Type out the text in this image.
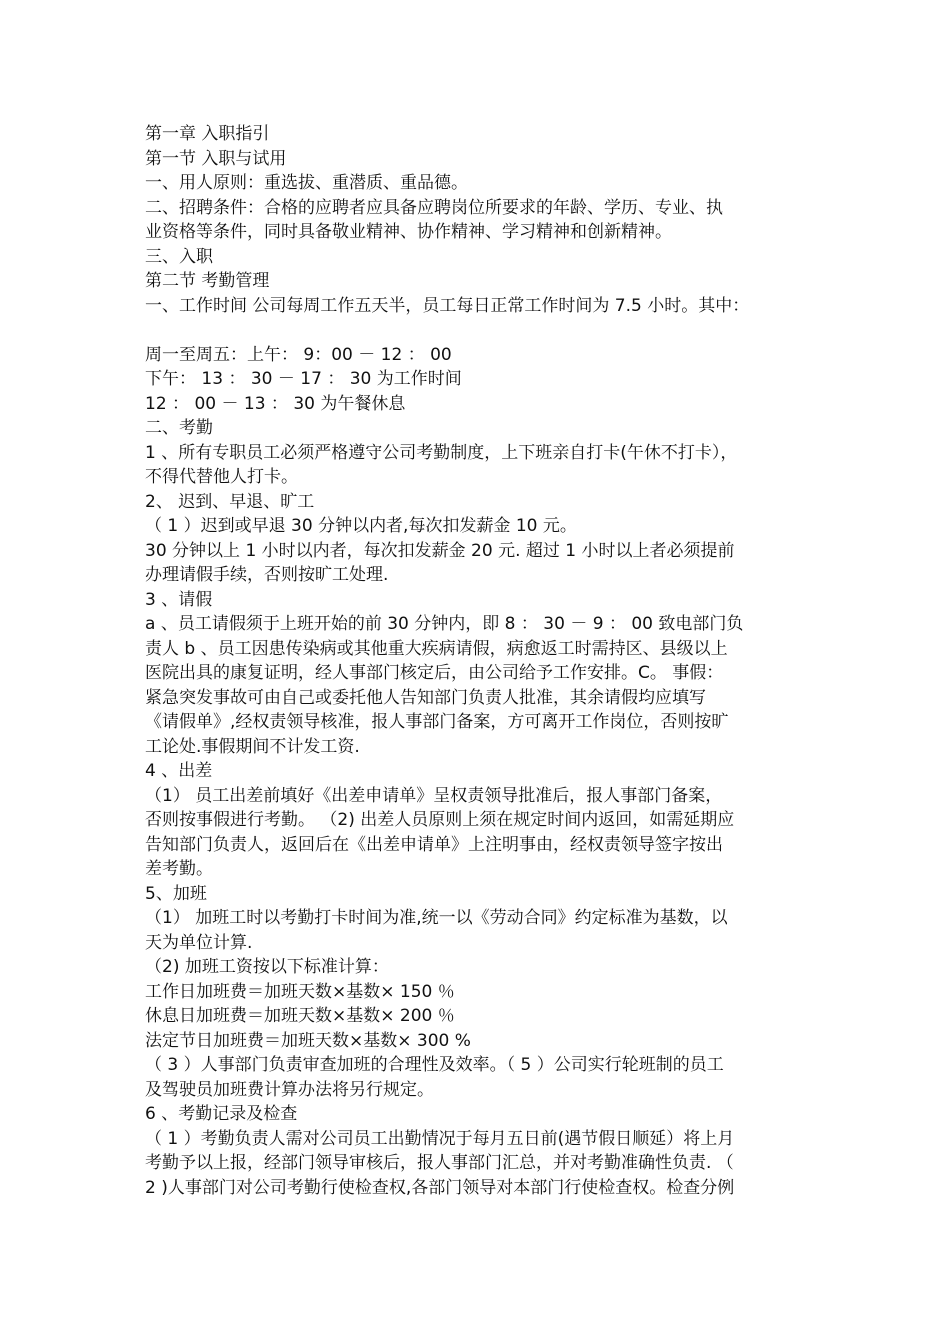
第一章 入职指引
第一节 入职与试用
一、用人原则：重选拔、重潜质、重品德。
二、招聘条件：合格的应聘者应具备应聘岗位所要求的年龄、学历、专业、执
业资格等条件，同时具备敬业精神、协作精神、学习精神和创新精神。
三、入职
第二节 考勤管理
一、工作时间 公司每周工作五天半，员工每日正常工作时间为 7.5 小时。其中：
周一至周五：上午： 9：00 － 12 ： 00
下午： 13 ： 30 － 17 ： 30 为工作时间
12 ： 00 － 13 ： 30 为午餐休息
二、考勤
1 、所有专职员工必须严格遵守公司考勤制度，上下班亲自打卡(午休不打卡），
不得代替他人打卡。
2、 迟到、早退、旷工
（ 1 ）迟到或早退 30 分钟以内者,每次扣发薪金 10 元。
30 分钟以上 1 小时以内者，每次扣发薪金 20 元. 超过 1 小时以上者必须提前
办理请假手续，否则按旷工处理.
3 、请假
a 、员工请假须于上班开始的前 30 分钟内，即 8 ： 30 － 9 ： 00 致电部门负
责人 b 、员工因患传染病或其他重大疾病请假，病愈返工时需持区、县级以上
医院出具的康复证明，经人事部门核定后，由公司给予工作安排。C。 事假：
紧急突发事故可由自己或委托他人告知部门负责人批准，其余请假均应填写
《请假单》,经权责领导核准，报人事部门备案，方可离开工作岗位，否则按旷
工论处.事假期间不计发工资.
4 、出差
（1） 员工出差前填好《出差申请单》呈权责领导批准后，报人事部门备案，
否则按事假进行考勤。 （2) 出差人员原则上须在规定时间内返回，如需延期应
告知部门负责人，返回后在《出差申请单》上注明事由，经权责领导签字按出
差考勤。
5、加班
（1） 加班工时以考勤打卡时间为准,统一以《劳动合同》约定标准为基数，以
天为单位计算.
（2) 加班工资按以下标准计算：
工作日加班费＝加班天数×基数× 150 ％
休息日加班费＝加班天数×基数× 200 ％
法定节日加班费＝加班天数×基数× 300 %
（ 3 ）人事部门负责审查加班的合理性及效率。（ 5 ）公司实行轮班制的员工
及驾驶员加班费计算办法将另行规定。
6 、考勤记录及检查
（ 1 ）考勤负责人需对公司员工出勤情况于每月五日前(遇节假日顺延）将上月
考勤予以上报，经部门领导审核后，报人事部门汇总，并对考勤准确性负责. （
2 )人事部门对公司考勤行使检查权,各部门领导对本部门行使检查权。检查分例
